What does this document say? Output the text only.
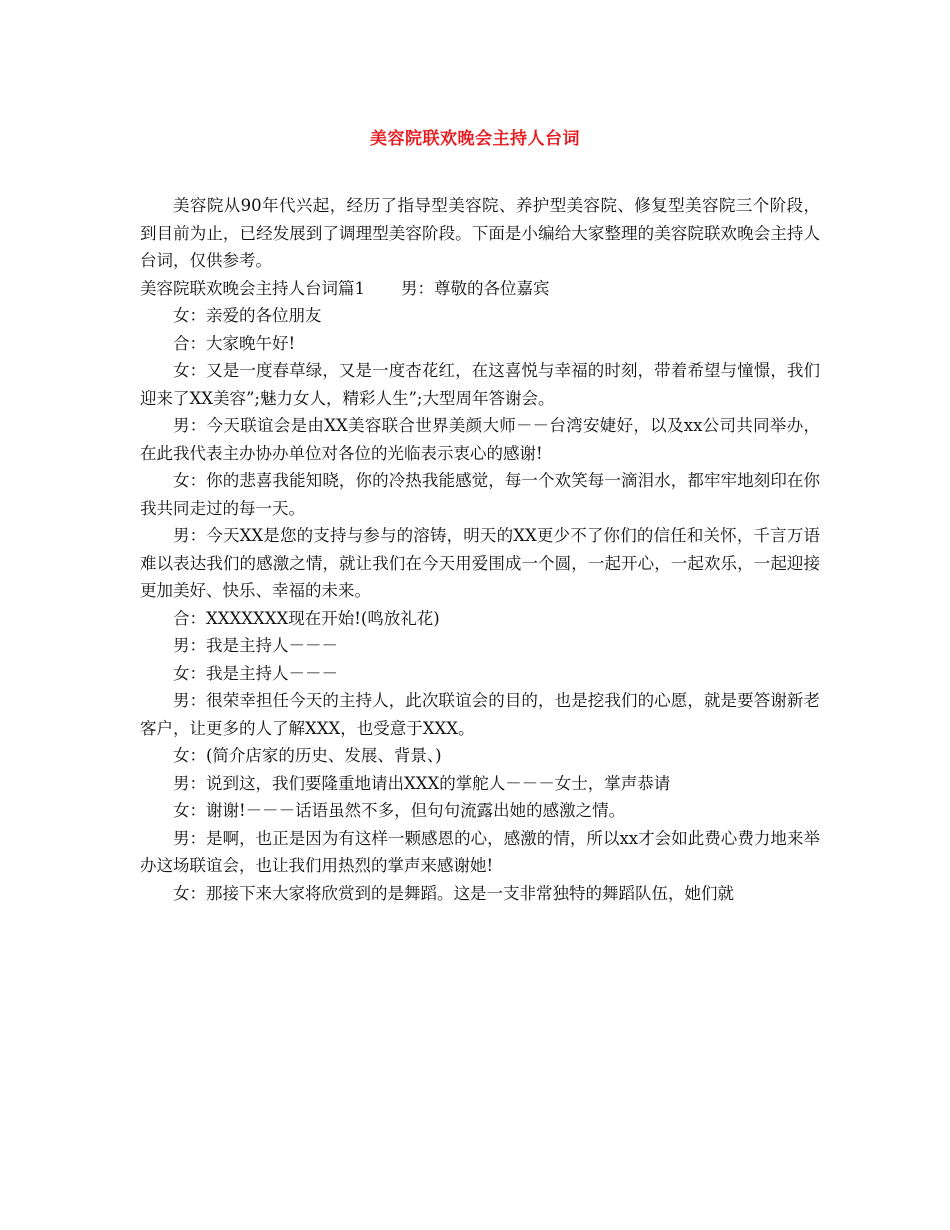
美容院联欢晚会主持人台词

美容院从90年代兴起，经历了指导型美容院、养护型美容院、修复型美容院三个阶段，到目前为止，已经发展到了调理型美容阶段。下面是小编给大家整理的美容院联欢晚会主持人台词，仅供参考。

美容院联欢晚会主持人台词篇1 男：尊敬的各位嘉宾

女：亲爱的各位朋友

合：大家晚午好!

女：又是一度春草绿，又是一度杏花红，在这喜悦与幸福的时刻，带着希望与憧憬，我们迎来了XX美容”;魅力女人，精彩人生”;大型周年答谢会。

男：今天联谊会是由XX美容联合世界美颜大师－－台湾安婕好，以及xx公司共同举办，在此我代表主办协办单位对各位的光临表示衷心的感谢!

女：你的悲喜我能知晓，你的冷热我能感觉，每一个欢笑每一滴泪水，都牢牢地刻印在你我共同走过的每一天。

男：今天XX是您的支持与参与的溶铸，明天的XX更少不了你们的信任和关怀，千言万语难以表达我们的感激之情，就让我们在今天用爱围成一个圆，一起开心，一起欢乐，一起迎接更加美好、快乐、幸福的未来。

合：XXXXXXX现在开始!(鸣放礼花)

男：我是主持人－－－

女：我是主持人－－－

男：很荣幸担任今天的主持人，此次联谊会的目的，也是挖我们的心愿，就是要答谢新老客户，让更多的人了解XXX，也受意于XXX。

女：(简介店家的历史、发展、背景、)

男：说到这，我们要隆重地请出XXX的掌舵人－－－女士，掌声恭请

女：谢谢!－－－话语虽然不多，但句句流露出她的感激之情。

男：是啊，也正是因为有这样一颗感恩的心，感激的情，所以xx才会如此费心费力地来举办这场联谊会，也让我们用热烈的掌声来感谢她!

女：那接下来大家将欣赏到的是舞蹈。这是一支非常独特的舞蹈队伍，她们就
